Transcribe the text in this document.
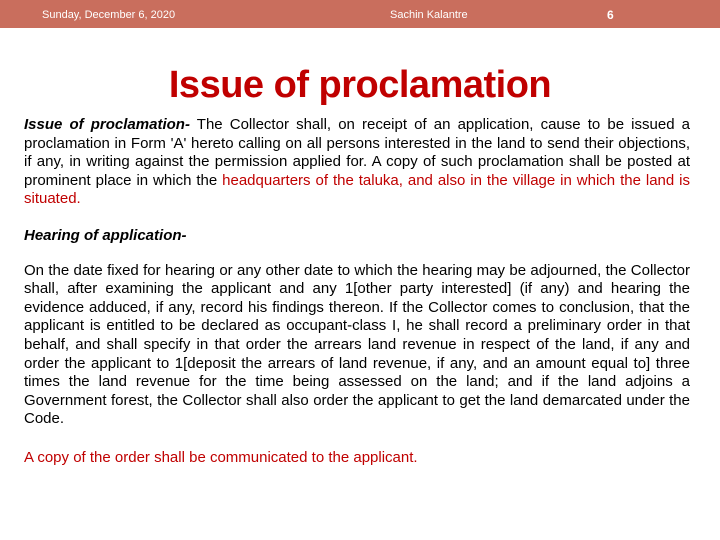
Sunday, December 6, 2020	Sachin Kalantre	6
Issue of proclamation

Issue of proclamation- The Collector shall, on receipt of an application, cause to be issued a proclamation in Form 'A' hereto calling on all persons interested in the land to send their objections, if any, in writing against the permission applied for. A copy of such proclamation shall be posted at prominent place in which the headquarters of the taluka, and also in the village in which the land is situated.

Hearing of application-

On the date fixed for hearing or any other date to which the hearing may be adjourned, the Collector shall, after examining the applicant and any 1[other party interested] (if any) and hearing the evidence adduced, if any, record his findings thereon. If the Collector comes to conclusion, that the applicant is entitled to be declared as occupant-class I, he shall record a preliminary order in that behalf, and shall specify in that order the arrears land revenue in respect of the land, if any and order the applicant to 1[deposit the arrears of land revenue, if any, and an amount equal to] three times the land revenue for the time being assessed on the land; and if the land adjoins a Government forest, the Collector shall also order the applicant to get the land demarcated under the Code.

A copy of the order shall be communicated to the applicant.
